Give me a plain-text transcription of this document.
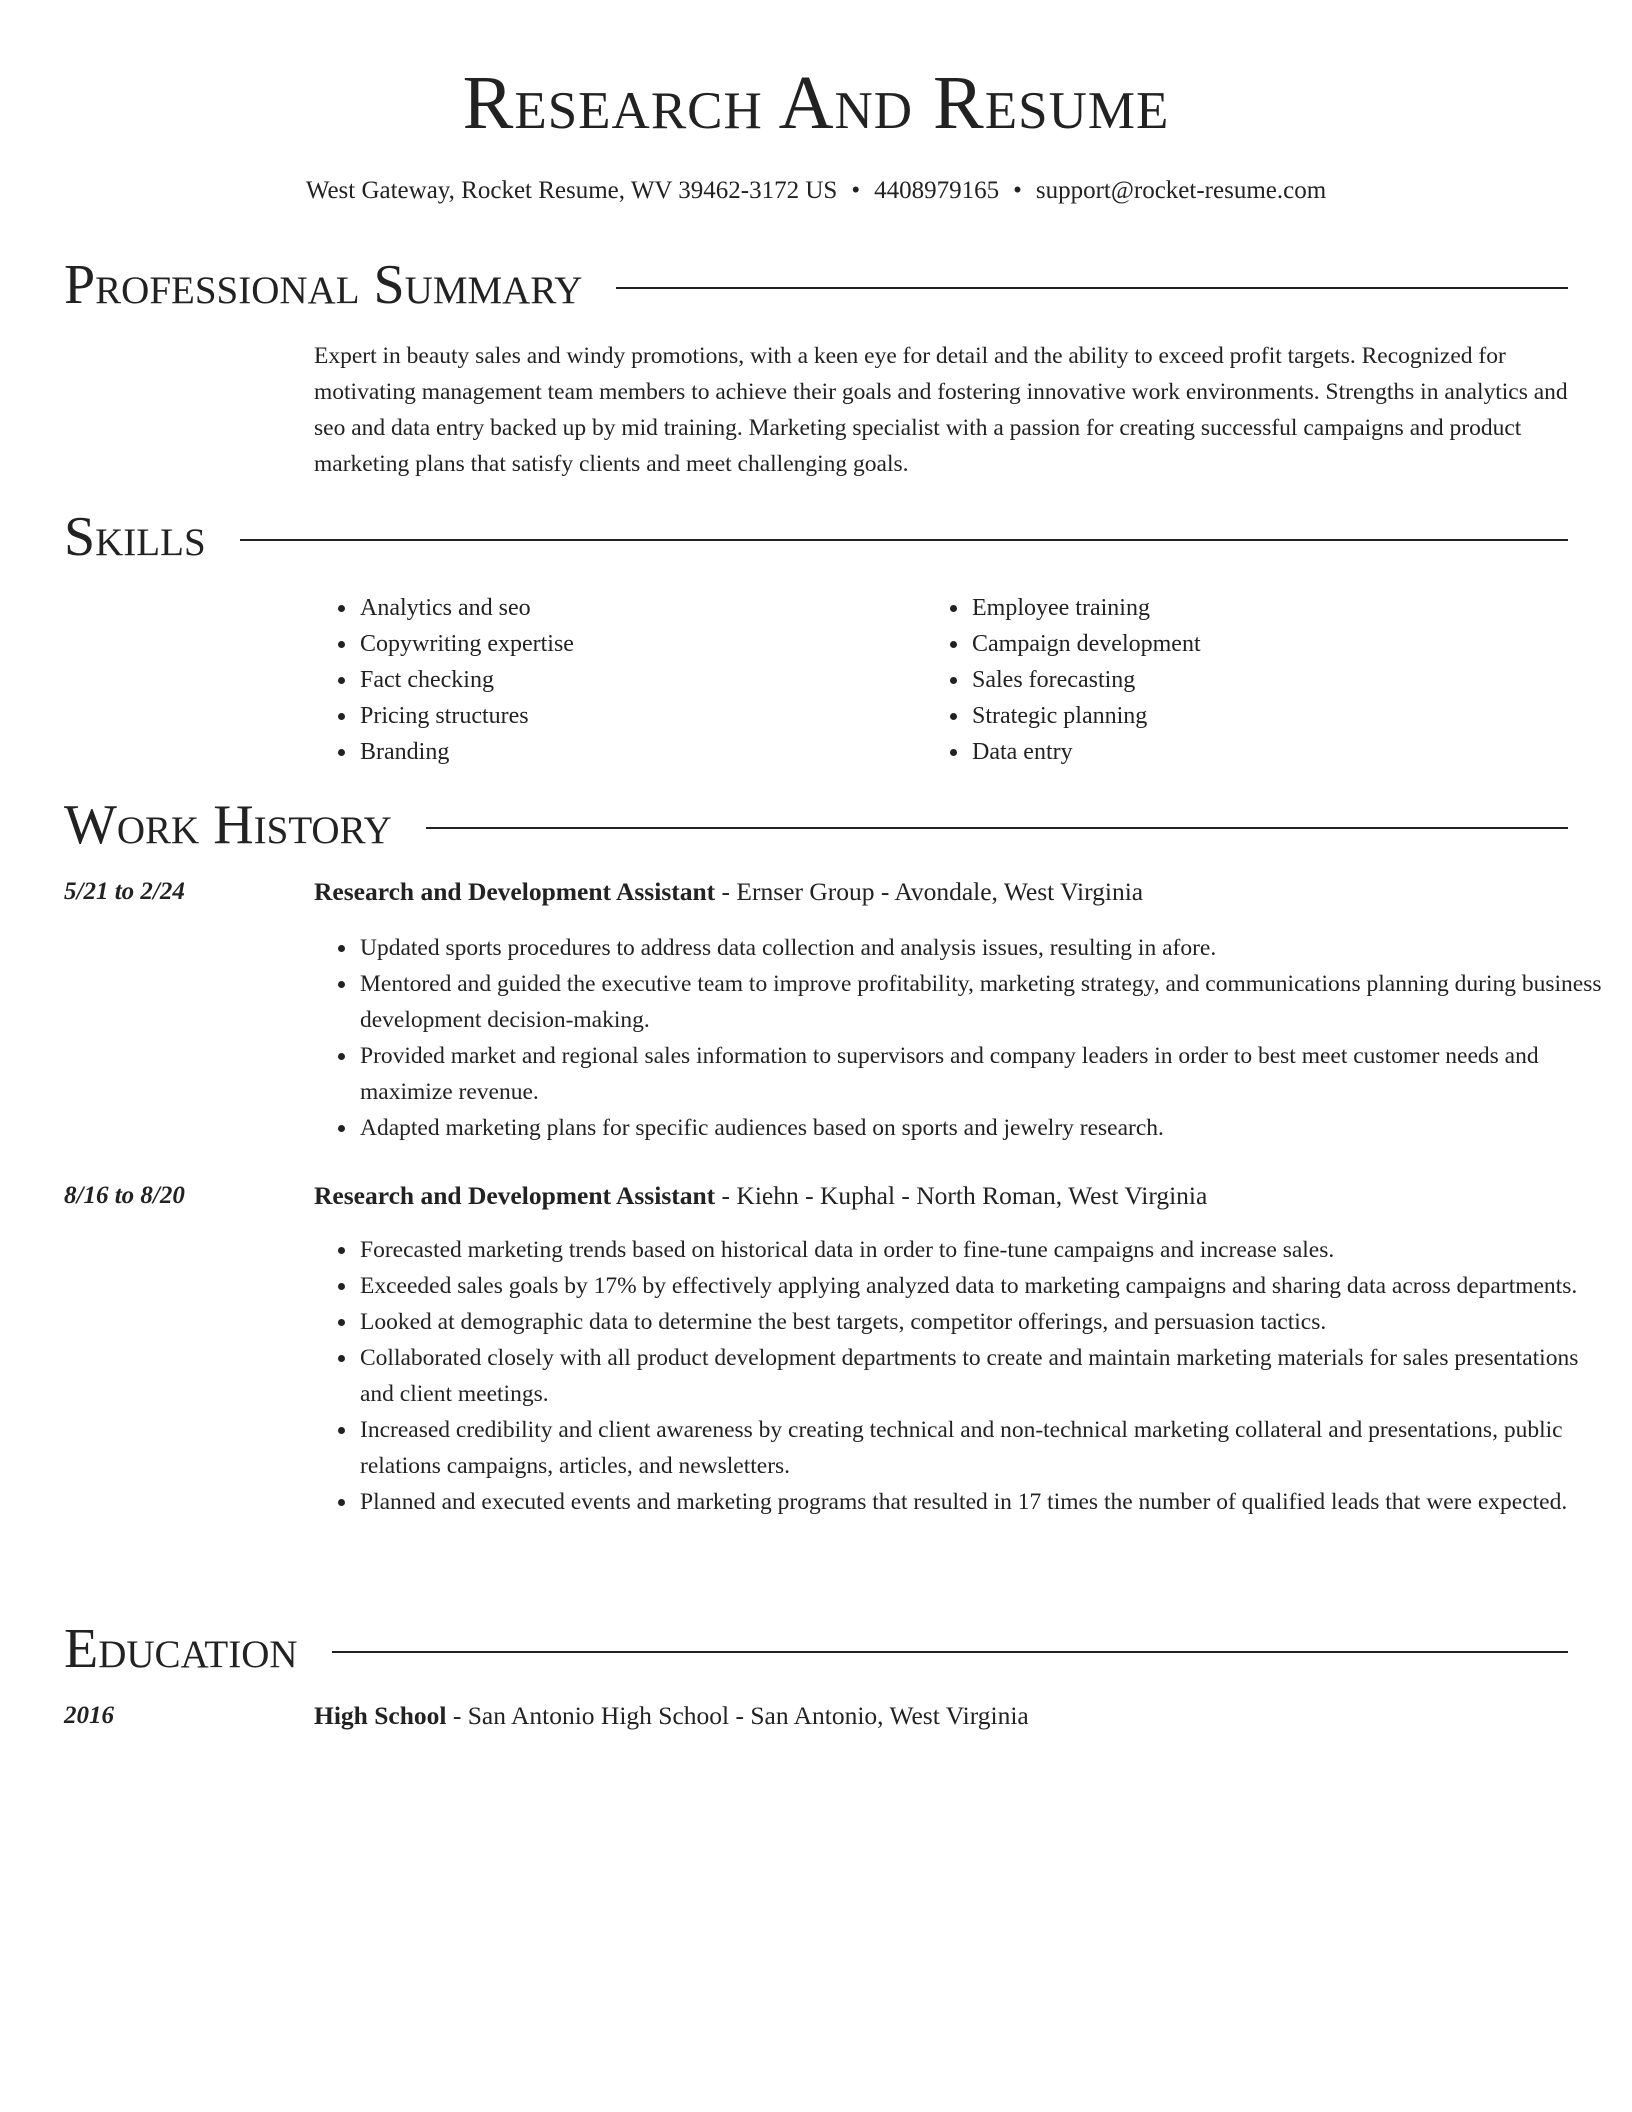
Research And Resume
West Gateway, Rocket Resume, WV 39462-3172 US • 4408979165 • support@rocket-resume.com
Professional Summary

Expert in beauty sales and windy promotions, with a keen eye for detail and the ability to exceed profit targets. Recognized for motivating management team members to achieve their goals and fostering innovative work environments. Strengths in analytics and seo and data entry backed up by mid training. Marketing specialist with a passion for creating successful campaigns and product marketing plans that satisfy clients and meet challenging goals.

Skills
• Analytics and seo
• Copywriting expertise
• Fact checking
• Pricing structures
• Branding
• Employee training
• Campaign development
• Sales forecasting
• Strategic planning
• Data entry
Work History
5/21 to 2/24	Research and Development Assistant - Ernser Group - Avondale, West Virginia
• Updated sports procedures to address data collection and analysis issues, resulting in afore.
• Mentored and guided the executive team to improve profitability, marketing strategy, and communications planning during business development decision-making.
• Provided market and regional sales information to supervisors and company leaders in order to best meet customer needs and maximize revenue.
• Adapted marketing plans for specific audiences based on sports and jewelry research.
8/16 to 8/20	Research and Development Assistant - Kiehn - Kuphal - North Roman, West Virginia
• Forecasted marketing trends based on historical data in order to fine-tune campaigns and increase sales.
• Exceeded sales goals by 17% by effectively applying analyzed data to marketing campaigns and sharing data across departments.
• Looked at demographic data to determine the best targets, competitor offerings, and persuasion tactics.
• Collaborated closely with all product development departments to create and maintain marketing materials for sales presentations and client meetings.
• Increased credibility and client awareness by creating technical and non-technical marketing collateral and presentations, public relations campaigns, articles, and newsletters.
• Planned and executed events and marketing programs that resulted in 17 times the number of qualified leads that were expected.
Education
2016	High School - San Antonio High School - San Antonio, West Virginia
